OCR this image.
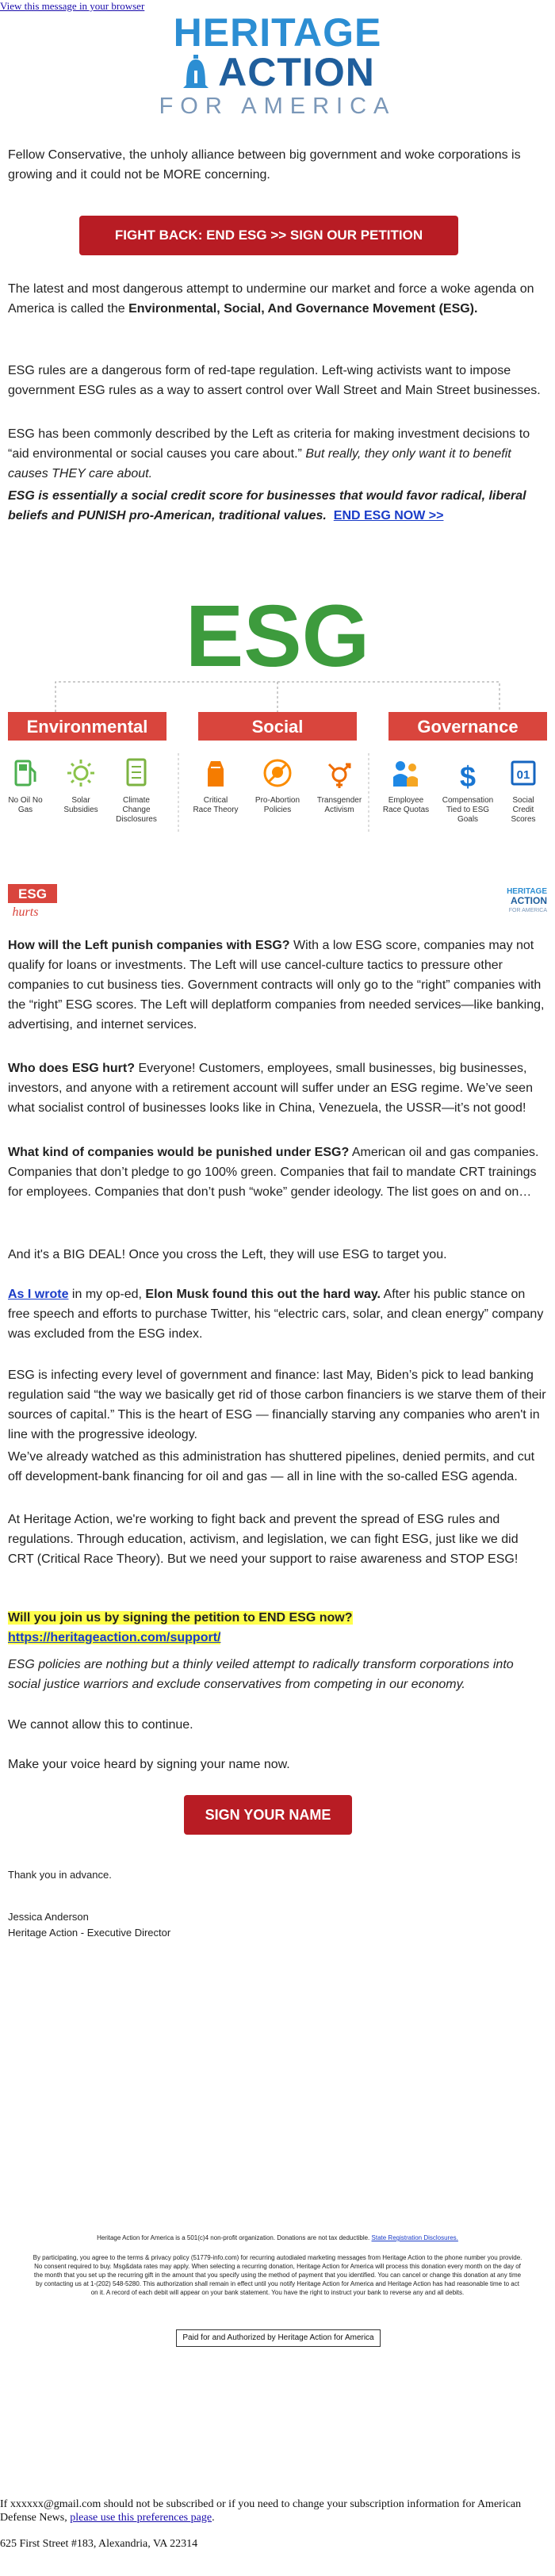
View this message in your browser
HERITAGE
ACTION
FOR AMERICA

Fellow Conservative, the unholy alliance between big government and woke corporations is growing and it could not be MORE concerning.

FIGHT BACK: END ESG >> SIGN OUR PETITION

The latest and most dangerous attempt to undermine our market and force a woke agenda on America is called the Environmental, Social, And Governance Movement (ESG).

ESG rules are a dangerous form of red-tape regulation. Left-wing activists want to impose government ESG rules as a way to assert control over Wall Street and Main Street businesses.

ESG has been commonly described by the Left as criteria for making investment decisions to “aid environmental or social causes you care about.” But really, they only want it to benefit causes THEY care about.

ESG is essentially a social credit score for businesses that would favor radical, liberal beliefs and PUNISH pro-American, traditional values. END ESG NOW >>

ESG
Environmental	Social	Governance
No Oil No Gas
Solar Subsidies
Climate Change Disclosures
Critical Race Theory
Pro-Abortion Policies
Transgender Activism
Employee Race Quotas
$
Compensation Tied to ESG Goals
01
Social Credit Scores
ESG
hurts
HERITAGE
ACTION
FOR AMERICA

How will the Left punish companies with ESG? With a low ESG score, companies may not qualify for loans or investments. The Left will use cancel-culture tactics to pressure other companies to cut business ties. Government contracts will only go to the “right” companies with the “right” ESG scores. The Left will deplatform companies from needed services—like banking, advertising, and internet services.

Who does ESG hurt? Everyone! Customers, employees, small businesses, big businesses, investors, and anyone with a retirement account will suffer under an ESG regime. We’ve seen what socialist control of businesses looks like in China, Venezuela, the USSR—it’s not good!

What kind of companies would be punished under ESG? American oil and gas companies. Companies that don’t pledge to go 100% green. Companies that fail to mandate CRT trainings for employees. Companies that don’t push “woke” gender ideology. The list goes on and on…

And it's a BIG DEAL! Once you cross the Left, they will use ESG to target you.

As I wrote in my op-ed, Elon Musk found this out the hard way. After his public stance on free speech and efforts to purchase Twitter, his “electric cars, solar, and clean energy” company was excluded from the ESG index.

ESG is infecting every level of government and finance: last May, Biden’s pick to lead banking regulation said “the way we basically get rid of those carbon financiers is we starve them of their sources of capital.” This is the heart of ESG — financially starving any companies who aren't in line with the progressive ideology.

We’ve already watched as this administration has shuttered pipelines, denied permits, and cut off development-bank financing for oil and gas — all in line with the so-called ESG agenda.

At Heritage Action, we're working to fight back and prevent the spread of ESG rules and regulations. Through education, activism, and legislation, we can fight ESG, just like we did CRT (Critical Race Theory). But we need your support to raise awareness and STOP ESG!

Will you join us by signing the petition to END ESG now?
https://heritageaction.com/support/

ESG policies are nothing but a thinly veiled attempt to radically transform corporations into social justice warriors and exclude conservatives from competing in our economy.

We cannot allow this to continue.

Make your voice heard by signing your name now.

SIGN YOUR NAME

Thank you in advance.

Jessica Anderson

Heritage Action - Executive Director

Heritage Action for America is a 501(c)4 non-profit organization. Donations are not tax deductible. State Registration Disclosures.
By participating, you agree to the terms & privacy policy (51779-info.com) for recurring autodialed marketing messages from Heritage Action to the phone number you provide. No consent required to buy. Msg&data rates may apply. When selecting a recurring donation, Heritage Action for America will process this donation every month on the day of the month that you set up the recurring gift in the amount that you specify using the method of payment that you identified. You can cancel or change this donation at any time by contacting us at 1-(202) 548-5280. This authorization shall remain in effect until you notify Heritage Action for America and Heritage Action has had reasonable time to act on it. A record of each debit will appear on your bank statement. You have the right to instruct your bank to reverse any and all debits.
Paid for and Authorized by Heritage Action for America
If xxxxxx@gmail.com should not be subscribed or if you need to change your subscription information for American Defense News, please use this preferences page.
625 First Street #183, Alexandria, VA 22314
